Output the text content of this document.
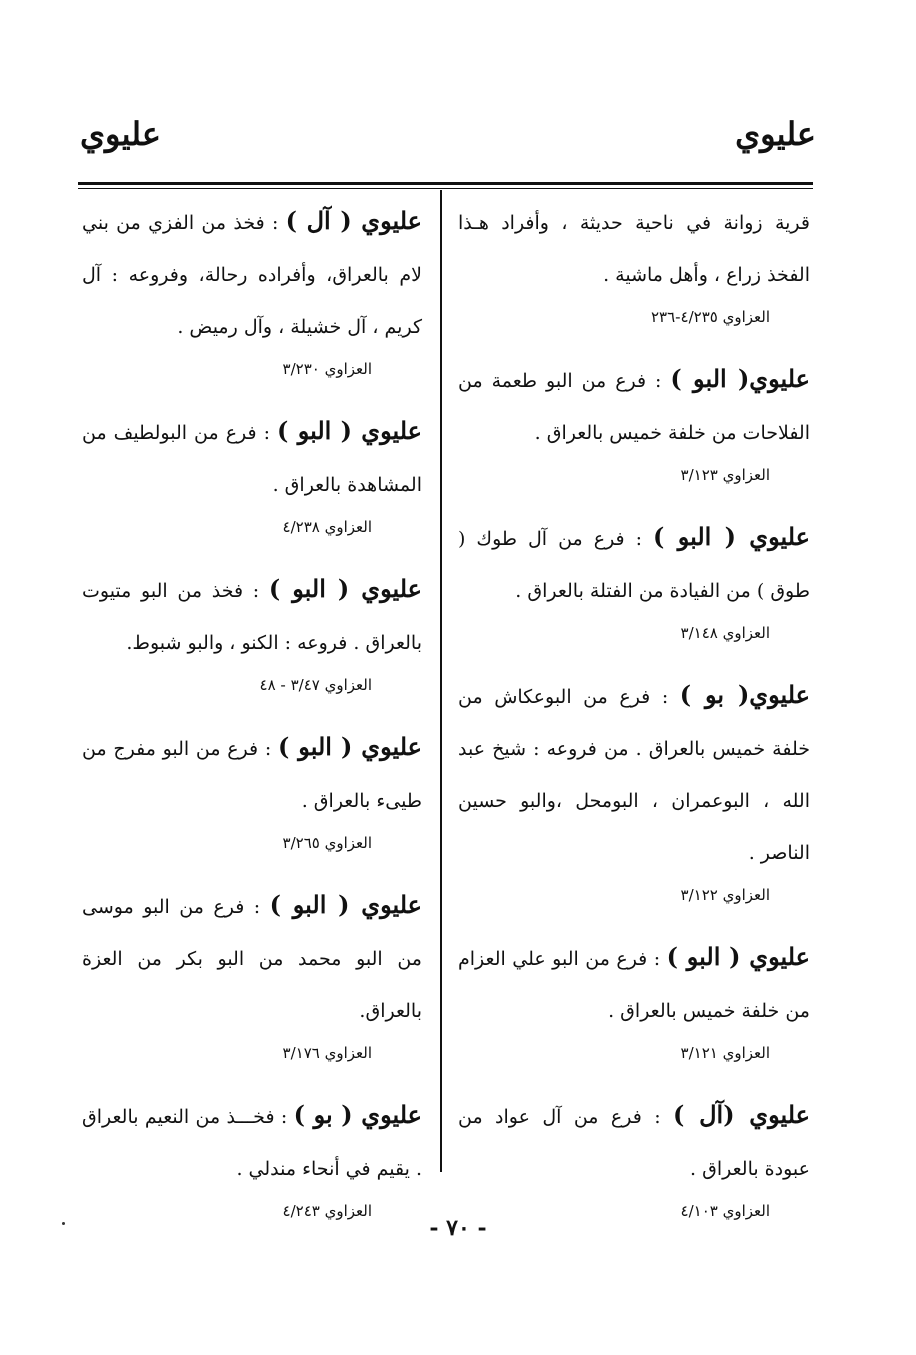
عليوي
عليوي

قرية زوانة في ناحية حديثة ، وأفراد هـذا الفخذ زراع ، وأهل ماشية .

العزاوي ٤/٢٣٥-٢٣٦

عليوي( البو ) : فرع من البو طعمة من الفلاحات من خلفة خميس بالعراق .

العزاوي ٣/١٢٣

عليوي ( البو ) : فرع من آل طوك ( طوق ) من الفيادة من الفتلة بالعراق .

العزاوي ٣/١٤٨

عليوي( بو ) : فرع من البوعكاش من خلفة خميس بالعراق . من فروعه : شيخ عبد الله ، البوعمران ، البومحل ،والبو حسين الناصر .

العزاوي ٣/١٢٢

عليوي ( البو ) : فرع من البو علي العزام من خلفة خميس بالعراق .

العزاوي ٣/١٢١

عليوي (آل ) : فرع من آل عواد من عبودة بالعراق .

العزاوي ٤/١٠٣

عليوي ( آل ) : فخذ من الفزي من بني لام بالعراق، وأفراده رحالة، وفروعه : آل كريم ، آل خشيلة ، وآل رميض .

العزاوي ٣/٢٣٠

عليوي ( البو ) : فرع من البولطيف من المشاهدة بالعراق .

العزاوي ٤/٢٣٨

عليوي ( البو ) : فخذ من البو متيوت بالعراق . فروعه : الكنو ، والبو شبوط.

العزاوي ٣/٤٧ - ٤٨

عليوي ( البو ) : فرع من البو مفرج من طيىء بالعراق .

العزاوي ٣/٢٦٥

عليوي ( البو ) : فرع من البو موسى من البو محمد من البو بكر من العزة بالعراق.

العزاوي ٣/١٧٦

عليوي ( بو ) : فخـــذ من النعيم بالعراق . يقيم في أنحاء مندلي .

العزاوي ٤/٢٤٣
- ٧٠ -
